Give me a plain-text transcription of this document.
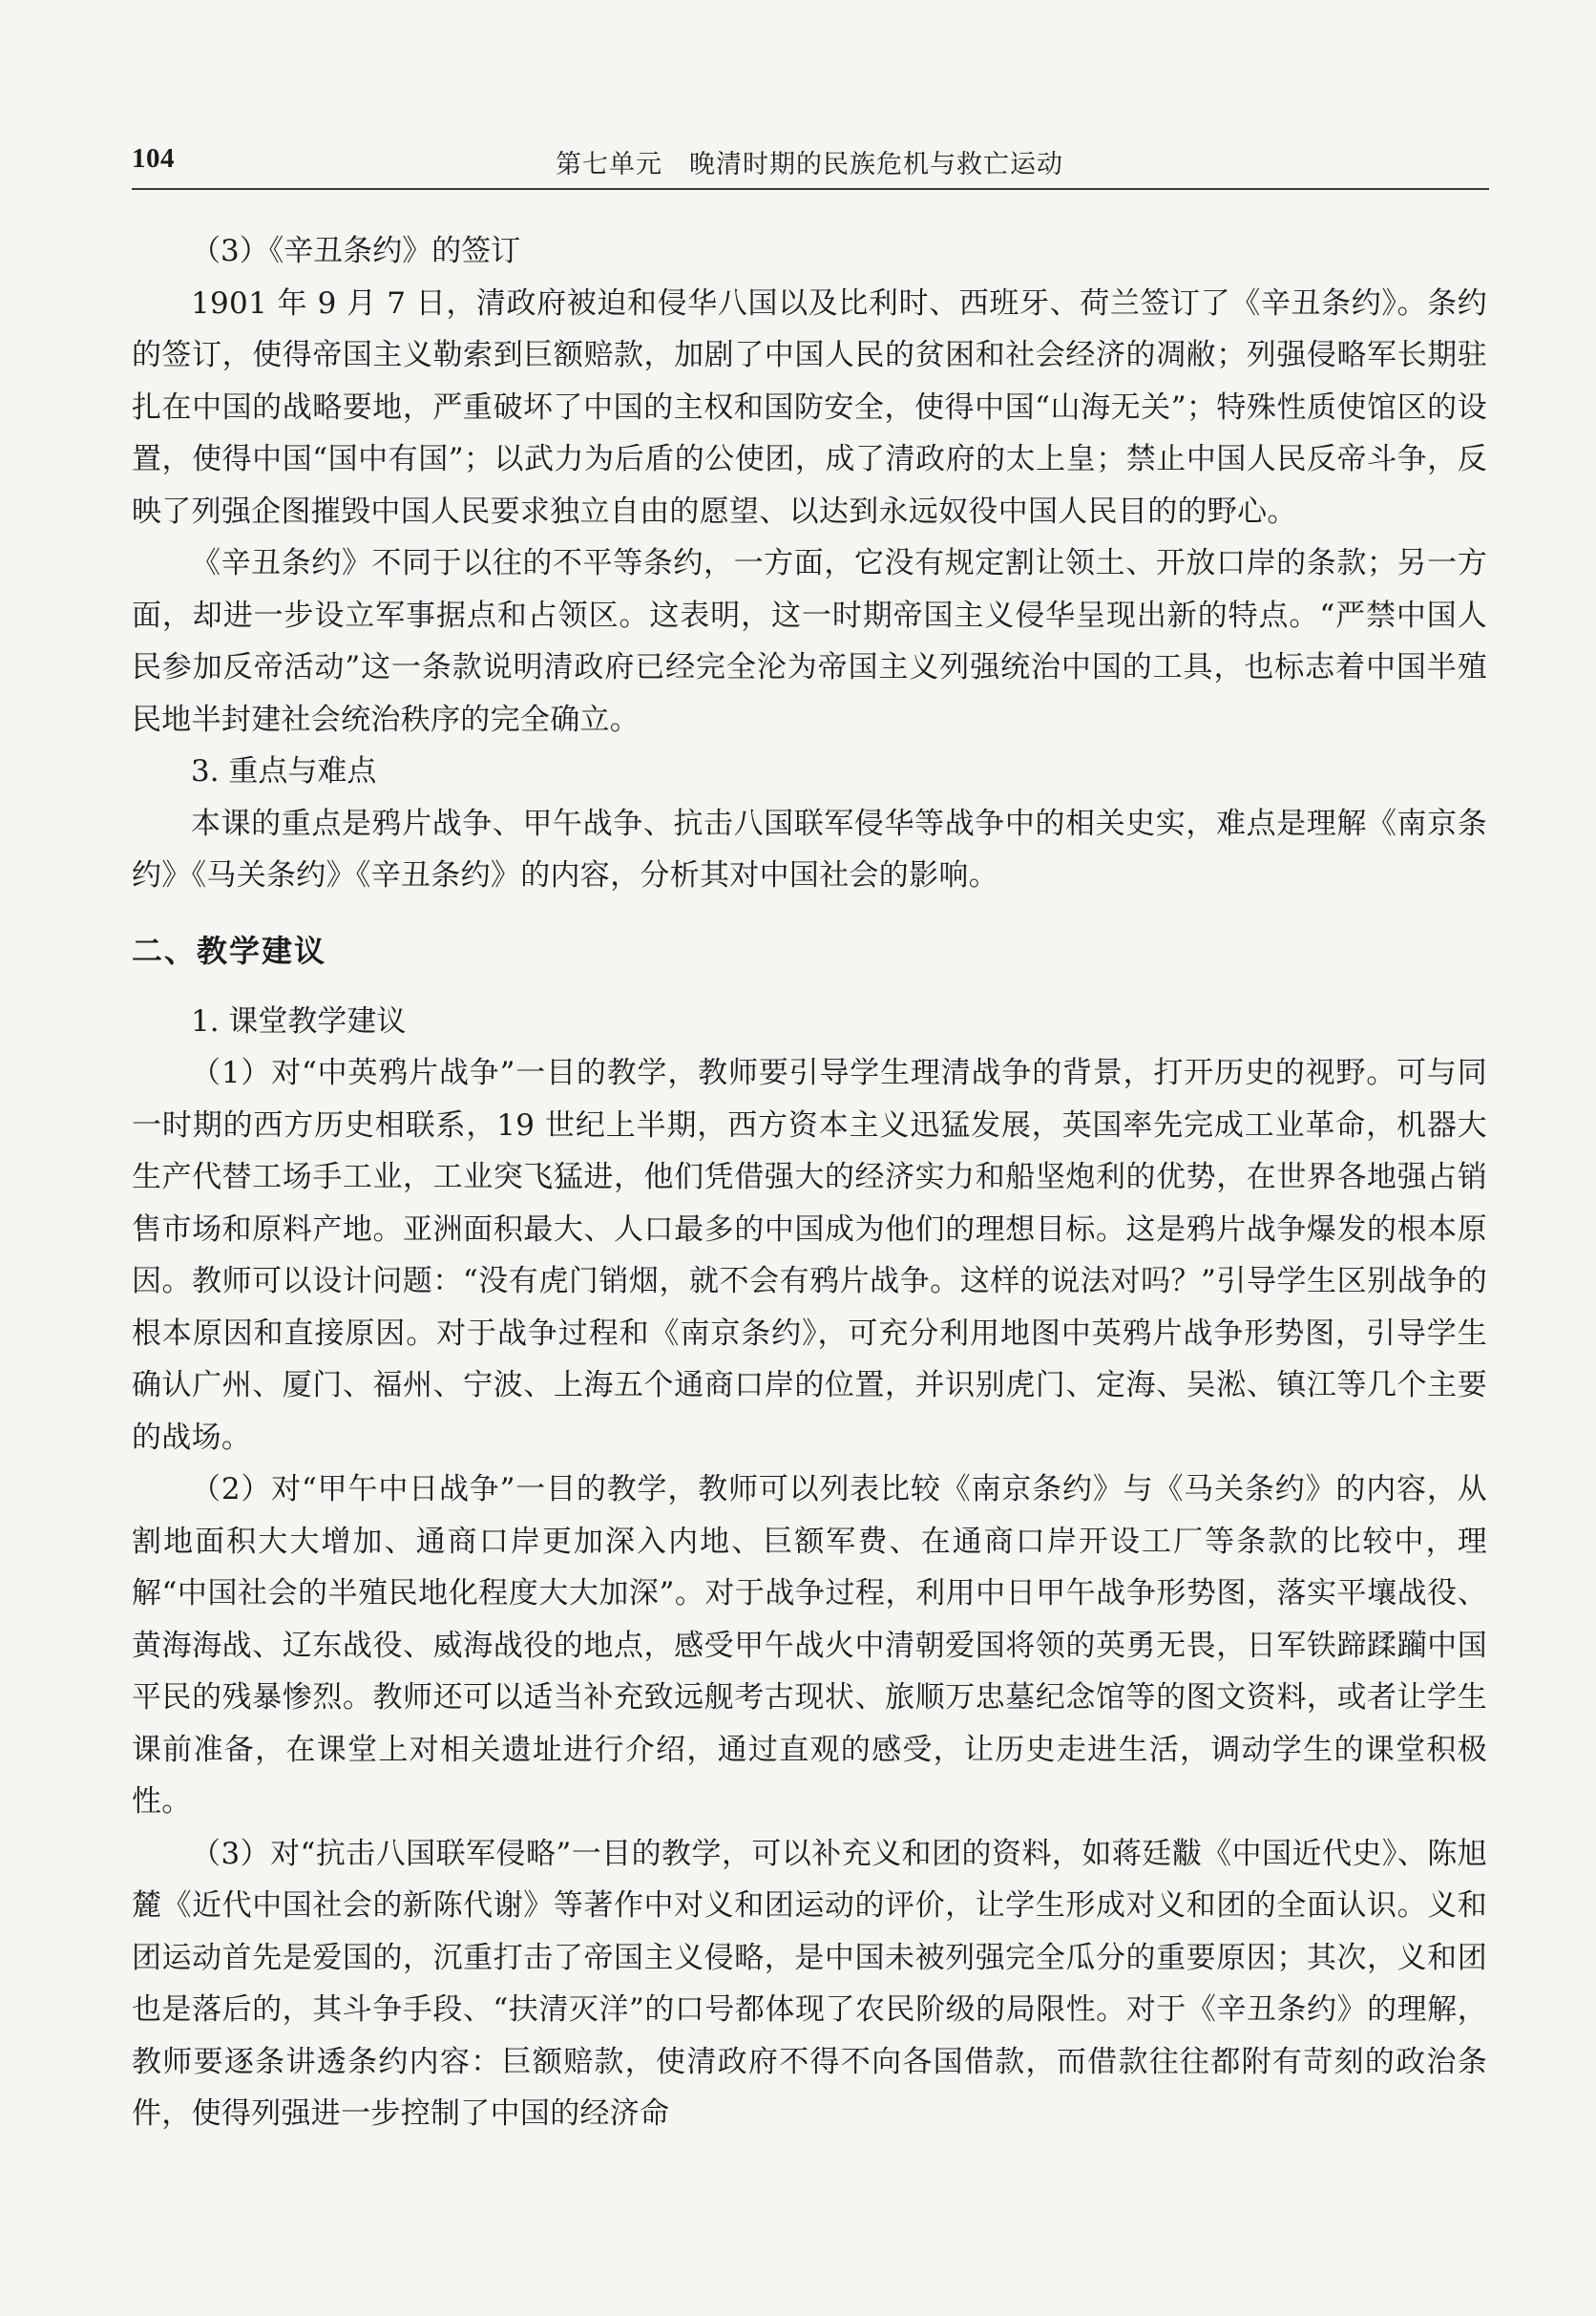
104	第七单元　晚清时期的民族危机与救亡运动

（3）《辛丑条约》的签订

1901 年 9 月 7 日，清政府被迫和侵华八国以及比利时、西班牙、荷兰签订了《辛丑条约》。条约的签订，使得帝国主义勒索到巨额赔款，加剧了中国人民的贫困和社会经济的凋敝；列强侵略军长期驻扎在中国的战略要地，严重破坏了中国的主权和国防安全，使得中国“山海无关”；特殊性质使馆区的设置，使得中国“国中有国”；以武力为后盾的公使团，成了清政府的太上皇；禁止中国人民反帝斗争，反映了列强企图摧毁中国人民要求独立自由的愿望、以达到永远奴役中国人民目的的野心。

《辛丑条约》不同于以往的不平等条约，一方面，它没有规定割让领土、开放口岸的条款；另一方面，却进一步设立军事据点和占领区。这表明，这一时期帝国主义侵华呈现出新的特点。“严禁中国人民参加反帝活动”这一条款说明清政府已经完全沦为帝国主义列强统治中国的工具，也标志着中国半殖民地半封建社会统治秩序的完全确立。

3. 重点与难点

本课的重点是鸦片战争、甲午战争、抗击八国联军侵华等战争中的相关史实，难点是理解《南京条约》《马关条约》《辛丑条约》的内容，分析其对中国社会的影响。

二、教学建议

1. 课堂教学建议

（1）对“中英鸦片战争”一目的教学，教师要引导学生理清战争的背景，打开历史的视野。可与同一时期的西方历史相联系，19 世纪上半期，西方资本主义迅猛发展，英国率先完成工业革命，机器大生产代替工场手工业，工业突飞猛进，他们凭借强大的经济实力和船坚炮利的优势，在世界各地强占销售市场和原料产地。亚洲面积最大、人口最多的中国成为他们的理想目标。这是鸦片战争爆发的根本原因。教师可以设计问题：“没有虎门销烟，就不会有鸦片战争。这样的说法对吗？”引导学生区别战争的根本原因和直接原因。对于战争过程和《南京条约》，可充分利用地图中英鸦片战争形势图，引导学生确认广州、厦门、福州、宁波、上海五个通商口岸的位置，并识别虎门、定海、吴淞、镇江等几个主要的战场。

（2）对“甲午中日战争”一目的教学，教师可以列表比较《南京条约》与《马关条约》的内容，从割地面积大大增加、通商口岸更加深入内地、巨额军费、在通商口岸开设工厂等条款的比较中，理解“中国社会的半殖民地化程度大大加深”。对于战争过程，利用中日甲午战争形势图，落实平壤战役、黄海海战、辽东战役、威海战役的地点，感受甲午战火中清朝爱国将领的英勇无畏，日军铁蹄蹂躏中国平民的残暴惨烈。教师还可以适当补充致远舰考古现状、旅顺万忠墓纪念馆等的图文资料，或者让学生课前准备，在课堂上对相关遗址进行介绍，通过直观的感受，让历史走进生活，调动学生的课堂积极性。

（3）对“抗击八国联军侵略”一目的教学，可以补充义和团的资料，如蒋廷黻《中国近代史》、陈旭麓《近代中国社会的新陈代谢》等著作中对义和团运动的评价，让学生形成对义和团的全面认识。义和团运动首先是爱国的，沉重打击了帝国主义侵略，是中国未被列强完全瓜分的重要原因；其次，义和团也是落后的，其斗争手段、“扶清灭洋”的口号都体现了农民阶级的局限性。对于《辛丑条约》的理解，教师要逐条讲透条约内容：巨额赔款，使清政府不得不向各国借款，而借款往往都附有苛刻的政治条件，使得列强进一步控制了中国的经济命
